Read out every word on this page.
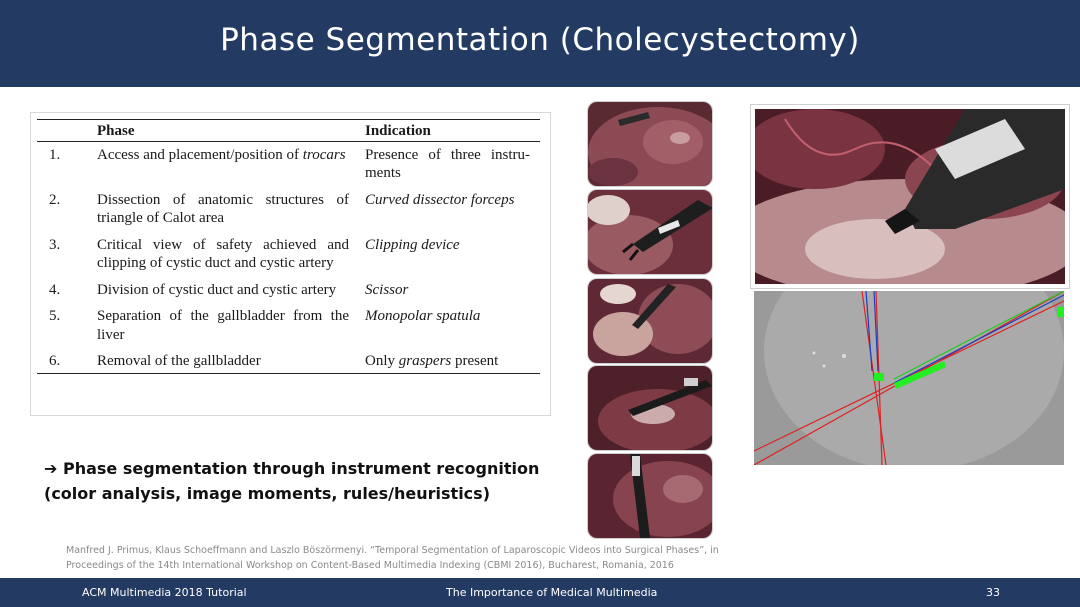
Phase Segmentation (Cholecystectomy)
	Phase	Indication
1.	Access and placement/position of trocars	Presence of three instru-ments
2.	Dissection of anatomic structures of triangle of Calot area	Curved dissector forceps
3.	Critical view of safety achieved and clipping of cystic duct and cystic artery	Clipping device
4.	Division of cystic duct and cystic artery	Scissor
5.	Separation of the gallbladder from the liver	Monopolar spatula
6.	Removal of the gallbladder	Only graspers present
➔ Phase segmentation through instrument recognition
(color analysis, image moments, rules/heuristics)
Manfred J. Primus, Klaus Schoeffmann and Laszlo Böszörmenyi. “Temporal Segmentation of Laparoscopic Videos into Surgical Phases”, in
Proceedings of the 14th International Workshop on Content-Based Multimedia Indexing (CBMI 2016), Bucharest, Romania, 2016
ACM Multimedia 2018 Tutorial	The Importance of Medical Multimedia	33
